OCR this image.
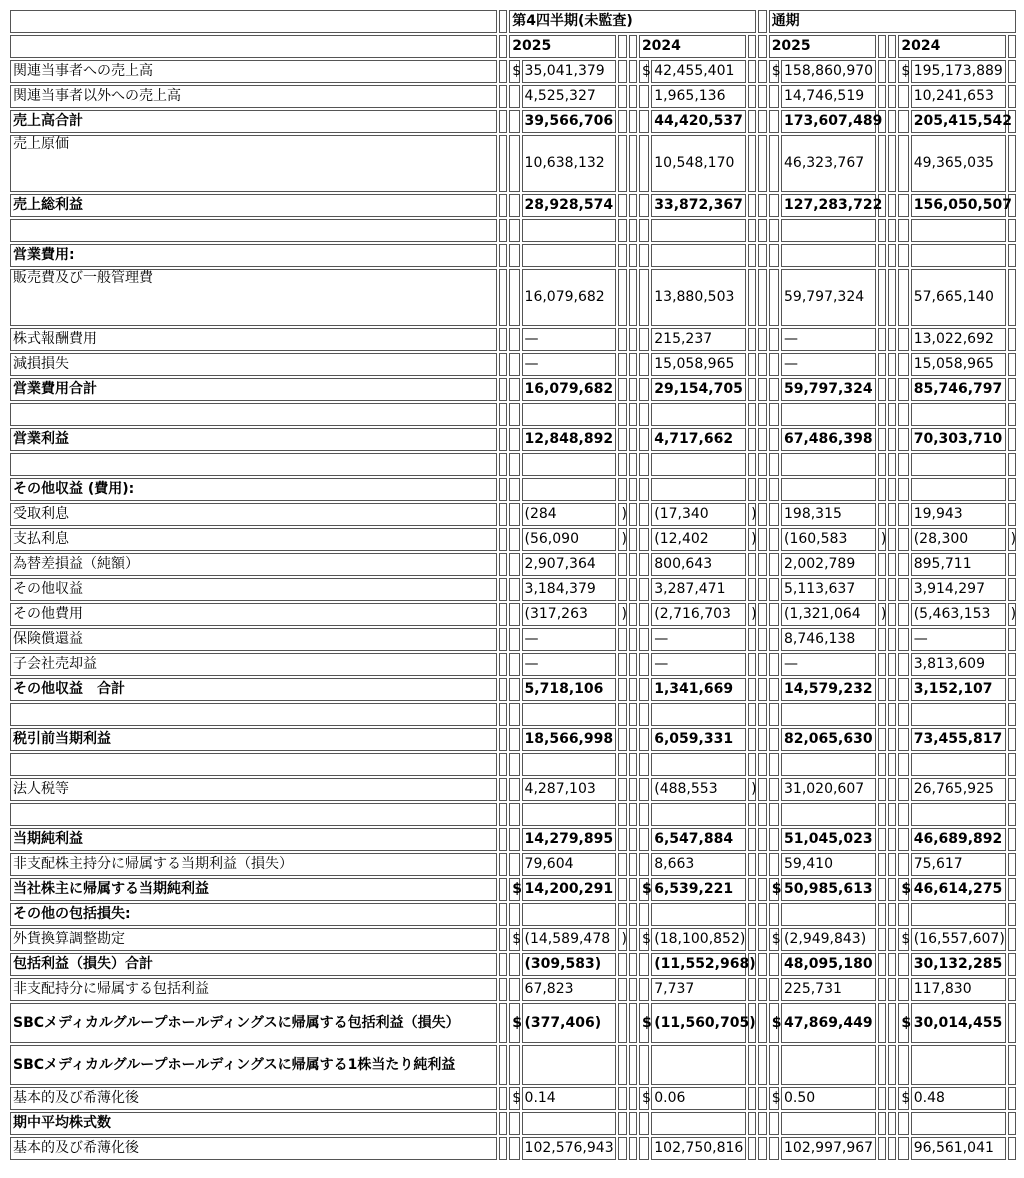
		第4四半期(未監査)								通期						
		2025				2024				2025				2024		
関連当事者への売上高		$	35,041,379			$	42,455,401			$	158,860,970			$	195,173,889	
関連当事者以外への売上高			4,525,327				1,965,136				14,746,519				10,241,653	
売上高合計			39,566,706				44,420,537				173,607,489				205,415,542	
売上原価			10,638,132				10,548,170				46,323,767				49,365,035	
売上総利益			28,928,574				33,872,367				127,283,722				156,050,507	

営業費用:																
販売費及び一般管理費			16,079,682				13,880,503				59,797,324				57,665,140	
株式報酬費用			—				215,237				—				13,022,692	
減損損失			—				15,058,965				—				15,058,965	
営業費用合計			16,079,682				29,154,705				59,797,324				85,746,797	

営業利益			12,848,892				4,717,662				67,486,398				70,303,710	

その他収益 (費用):																
受取利息			(284	)			(17,340	)			198,315				19,943	
支払利息			(56,090	)			(12,402	)			(160,583	)			(28,300	)
為替差損益（純額）			2,907,364				800,643				2,002,789				895,711	
その他収益			3,184,379				3,287,471				5,113,637				3,914,297	
その他費用			(317,263	)			(2,716,703	)			(1,321,064	)			(5,463,153	)
保険償還益			—				—				8,746,138				—	
子会社売却益			—				—				—				3,813,609	
その他収益　合計			5,718,106				1,341,669				14,579,232				3,152,107	

税引前当期利益			18,566,998				6,059,331				82,065,630				73,455,817	

法人税等			4,287,103				(488,553	)			31,020,607				26,765,925	

当期純利益			14,279,895				6,547,884				51,045,023				46,689,892	
非支配株主持分に帰属する当期利益（損失）			79,604				8,663				59,410				75,617	
当社株主に帰属する当期純利益		$	14,200,291			$	6,539,221			$	50,985,613			$	46,614,275	
その他の包括損失:																
外貨換算調整勘定		$	(14,589,478	)		$	(18,100,852)			$	(2,949,843)			$	(16,557,607)	
包括利益（損失）合計			(309,583)				(11,552,968)				48,095,180				30,132,285	
非支配持分に帰属する包括利益			67,823				7,737				225,731				117,830	
SBCメディカルグループホールディングスに帰属する包括利益（損失）		$	(377,406)			$	(11,560,705)			$	47,869,449			$	30,014,455	
SBCメディカルグループホールディングスに帰属する1株当たり純利益																
基本的及び希薄化後		$	0.14			$	0.06			$	0.50			$	0.48	
期中平均株式数																
基本的及び希薄化後			102,576,943				102,750,816				102,997,967				96,561,041	
